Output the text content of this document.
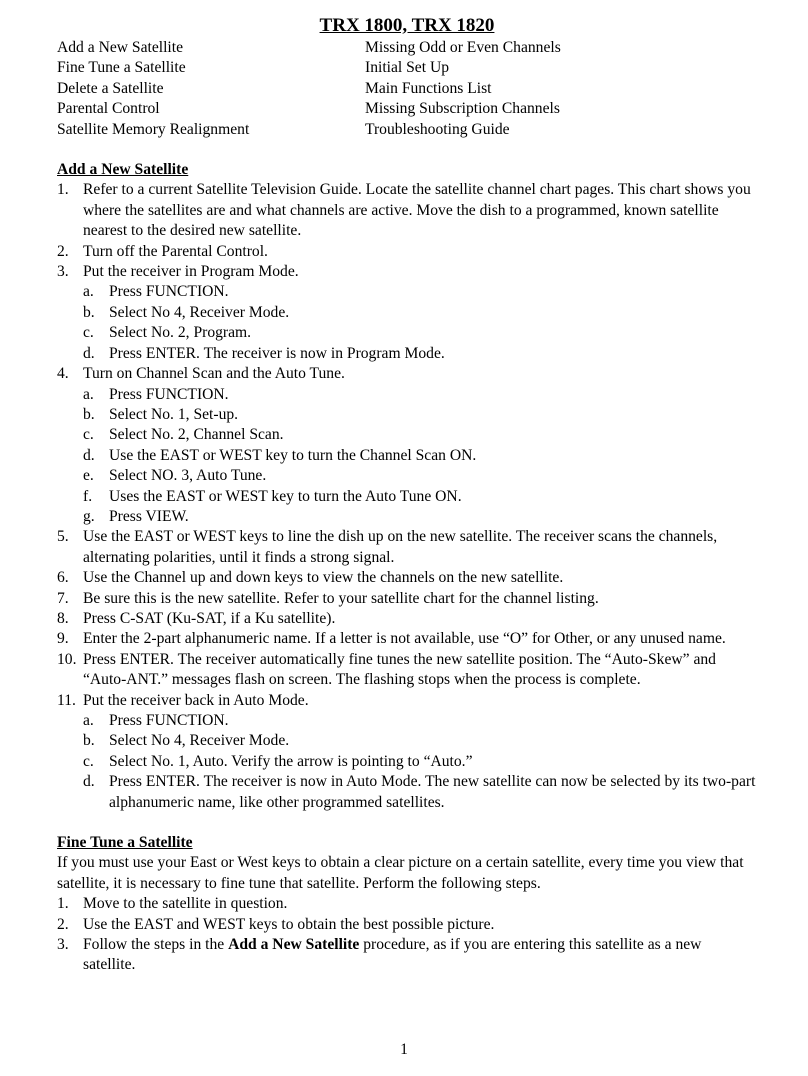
TRX 1800, TRX 1820
Add a New Satellite
Fine Tune a Satellite
Delete a Satellite
Parental Control
Satellite Memory Realignment
Missing Odd or Even Channels
Initial Set Up
Main Functions List
Missing Subscription Channels
Troubleshooting Guide
Add a New Satellite
1. Refer to a current Satellite Television Guide. Locate the satellite channel chart pages. This chart shows you where the satellites are and what channels are active. Move the dish to a programmed, known satellite nearest to the desired new satellite.
2. Turn off the Parental Control.
3. Put the receiver in Program Mode.
a. Press FUNCTION.
b. Select No 4, Receiver Mode.
c. Select No. 2, Program.
d. Press ENTER. The receiver is now in Program Mode.
4. Turn on Channel Scan and the Auto Tune.
a. Press FUNCTION.
b. Select No. 1, Set-up.
c. Select No. 2, Channel Scan.
d. Use the EAST or WEST key to turn the Channel Scan ON.
e. Select NO. 3, Auto Tune.
f. Uses the EAST or WEST key to turn the Auto Tune ON.
g. Press VIEW.
5. Use the EAST or WEST keys to line the dish up on the new satellite. The receiver scans the channels, alternating polarities, until it finds a strong signal.
6. Use the Channel up and down keys to view the channels on the new satellite.
7. Be sure this is the new satellite. Refer to your satellite chart for the channel listing.
8. Press C-SAT (Ku-SAT, if a Ku satellite).
9. Enter the 2-part alphanumeric name. If a letter is not available, use “O” for Other, or any unused name.
10. Press ENTER. The receiver automatically fine tunes the new satellite position. The “Auto-Skew” and “Auto-ANT.” messages flash on screen. The flashing stops when the process is complete.
11. Put the receiver back in Auto Mode.
a. Press FUNCTION.
b. Select No 4, Receiver Mode.
c. Select No. 1, Auto. Verify the arrow is pointing to “Auto.”
d. Press ENTER. The receiver is now in Auto Mode. The new satellite can now be selected by its two-part alphanumeric name, like other programmed satellites.
Fine Tune a Satellite
If you must use your East or West keys to obtain a clear picture on a certain satellite, every time you view that satellite, it is necessary to fine tune that satellite. Perform the following steps.
1. Move to the satellite in question.
2. Use the EAST and WEST keys to obtain the best possible picture.
3. Follow the steps in the Add a New Satellite procedure, as if you are entering this satellite as a new satellite.
1
